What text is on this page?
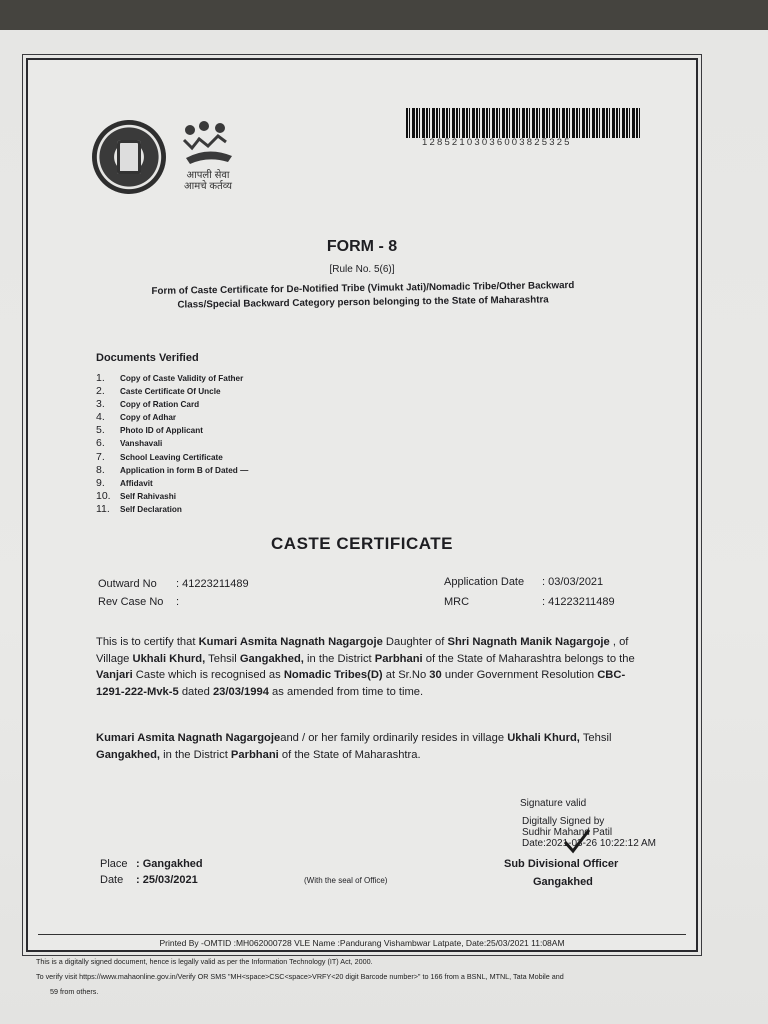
आपली सेवा
आमचे कर्तव्य
12852103036003825325
FORM - 8
[Rule No. 5(6)]
Form of Caste Certificate for De-Notified Tribe (Vimukt Jati)/Nomadic Tribe/Other Backward
Class/Special Backward Category person belonging to the State of Maharashtra
Documents Verified
1. Copy of Caste Validity of Father
2. Caste Certificate Of Uncle
3. Copy of Ration Card
4. Copy of Adhar
5. Photo ID of Applicant
6. Vanshavali
7. School Leaving Certificate
8. Application in form B of Dated —
9. Affidavit
10. Self Rahivashi
11. Self Declaration
CASTE CERTIFICATE
Outward No : 41223211489
Rev Case No :
Application Date : 03/03/2021
MRC	: 41223211489
This is to certify that Kumari Asmita Nagnath Nagargoje Daughter of Shri Nagnath Manik Nagargoje , of Village Ukhali Khurd, Tehsil Gangakhed, in the District Parbhani of the State of Maharashtra belongs to the Vanjari Caste which is recognised as Nomadic Tribes(D) at Sr.No 30 under Government Resolution CBC-1291-222-Mvk-5 dated 23/03/1994 as amended from time to time.
Kumari Asmita Nagnath Nagargojeand / or her family ordinarily resides in village Ukhali Khurd, Tehsil Gangakhed, in the District Parbhani of the State of Maharashtra.
Signature valid
Digitally Signed by
Sudhir Mahand Patil
Date:2021-03-26 10:22:12 AM
Sub Divisional Officer
Gangakhed
Place : Gangakhed
Date : 25/03/2021	(With the seal of Office)
Printed By -OMTID :MH062000728 VLE Name :Pandurang Vishambwar Latpate, Date:25/03/2021 11:08AM
This is a digitally signed document, hence is legally valid as per the Information Technology (IT) Act, 2000.
To verify visit https://www.mahaonline.gov.in/Verify OR SMS "MH<space>CSC<space>VRFY<20 digit Barcode number>" to 166 from a BSNL, MTNL, Tata Mobile and
59 from others.
